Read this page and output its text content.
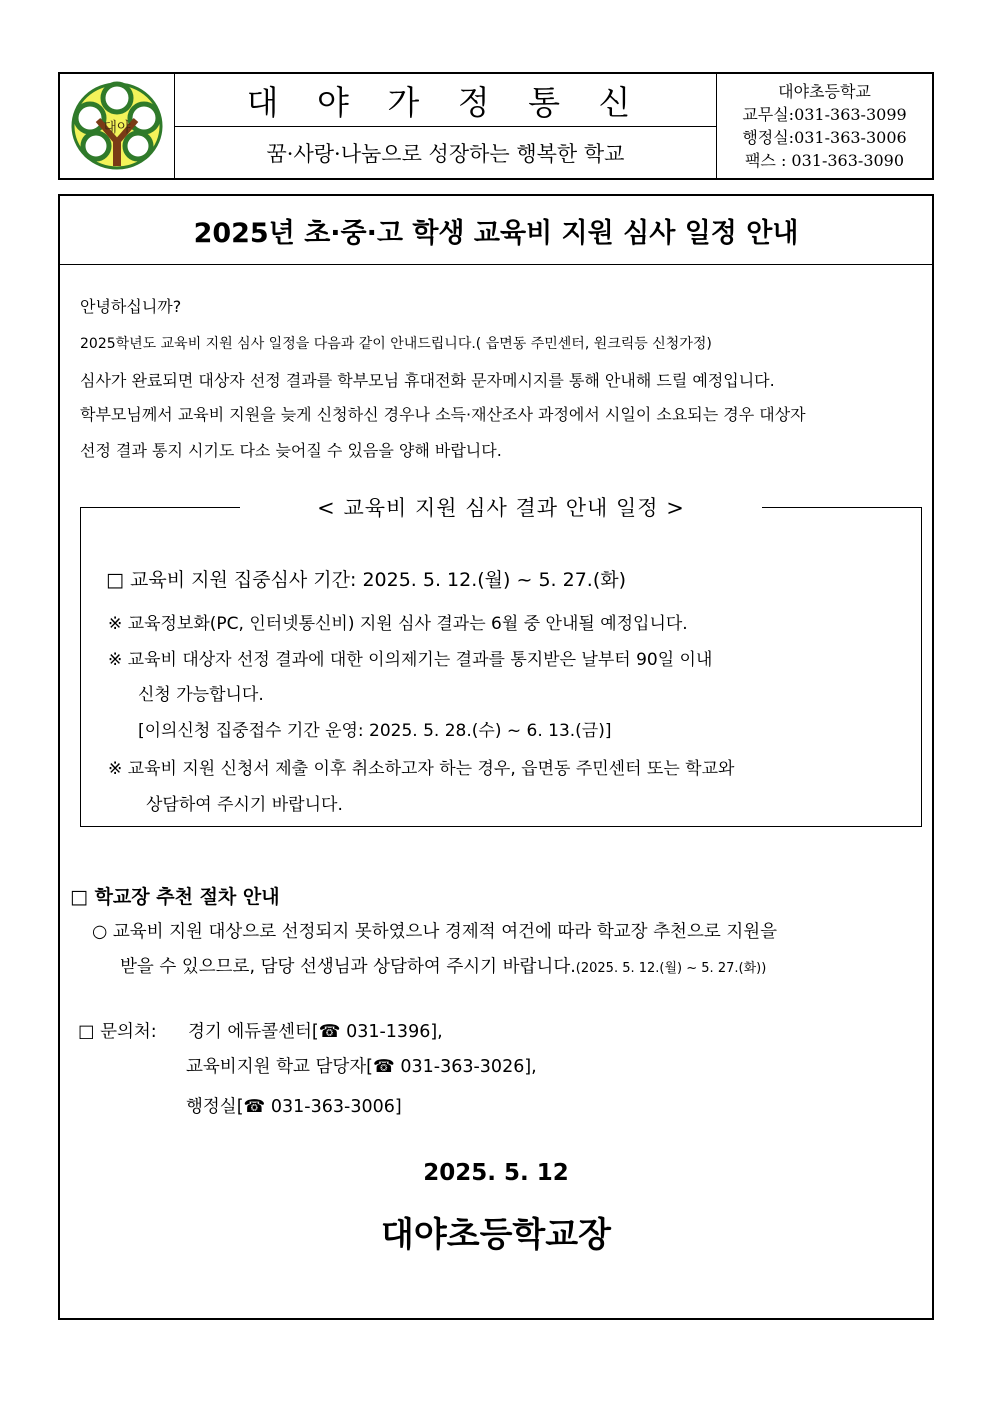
대야
대 야 가 정 통 신
꿈·사랑·나눔으로 성장하는 행복한 학교
대야초등학교
교무실:031-363-3099
행정실:031-363-3006
팩스 : 031-363-3090
2025년 초·중·고 학생 교육비 지원 심사 일정 안내
안녕하십니까?
2025학년도 교육비 지원 심사 일정을 다음과 같이 안내드립니다.( 읍면동 주민센터, 원크릭등 신청가정)
심사가 완료되면 대상자 선정 결과를 학부모님 휴대전화 문자메시지를 통해 안내해 드릴 예정입니다.
학부모님께서 교육비 지원을 늦게 신청하신 경우나 소득·재산조사 과정에서 시일이 소요되는 경우 대상자
선정 결과 통지 시기도 다소 늦어질 수 있음을 양해 바랍니다.
< 교육비 지원 심사 결과 안내 일정 >
□ 교육비 지원 집중심사 기간: 2025. 5. 12.(월) ~ 5. 27.(화)
※ 교육정보화(PC, 인터넷통신비) 지원 심사 결과는 6월 중 안내될 예정입니다.
※ 교육비 대상자 선정 결과에 대한 이의제기는 결과를 통지받은 날부터 90일 이내
신청 가능합니다.
[이의신청 집중접수 기간 운영: 2025. 5. 28.(수) ~ 6. 13.(금)]
※ 교육비 지원 신청서 제출 이후 취소하고자 하는 경우, 읍면동 주민센터 또는 학교와
상담하여 주시기 바랍니다.
□ 학교장 추천 절차 안내
○ 교육비 지원 대상으로 선정되지 못하였으나 경제적 여건에 따라 학교장 추천으로 지원을
받을 수 있으므로, 담당 선생님과 상담하여 주시기 바랍니다.(2025. 5. 12.(월) ~ 5. 27.(화))
□ 문의처: 경기 에듀콜센터[☎ 031-1396],
교육비지원 학교 담당자[☎ 031-363-3026],
행정실[☎ 031-363-3006]
2025. 5. 12
대야초등학교장
